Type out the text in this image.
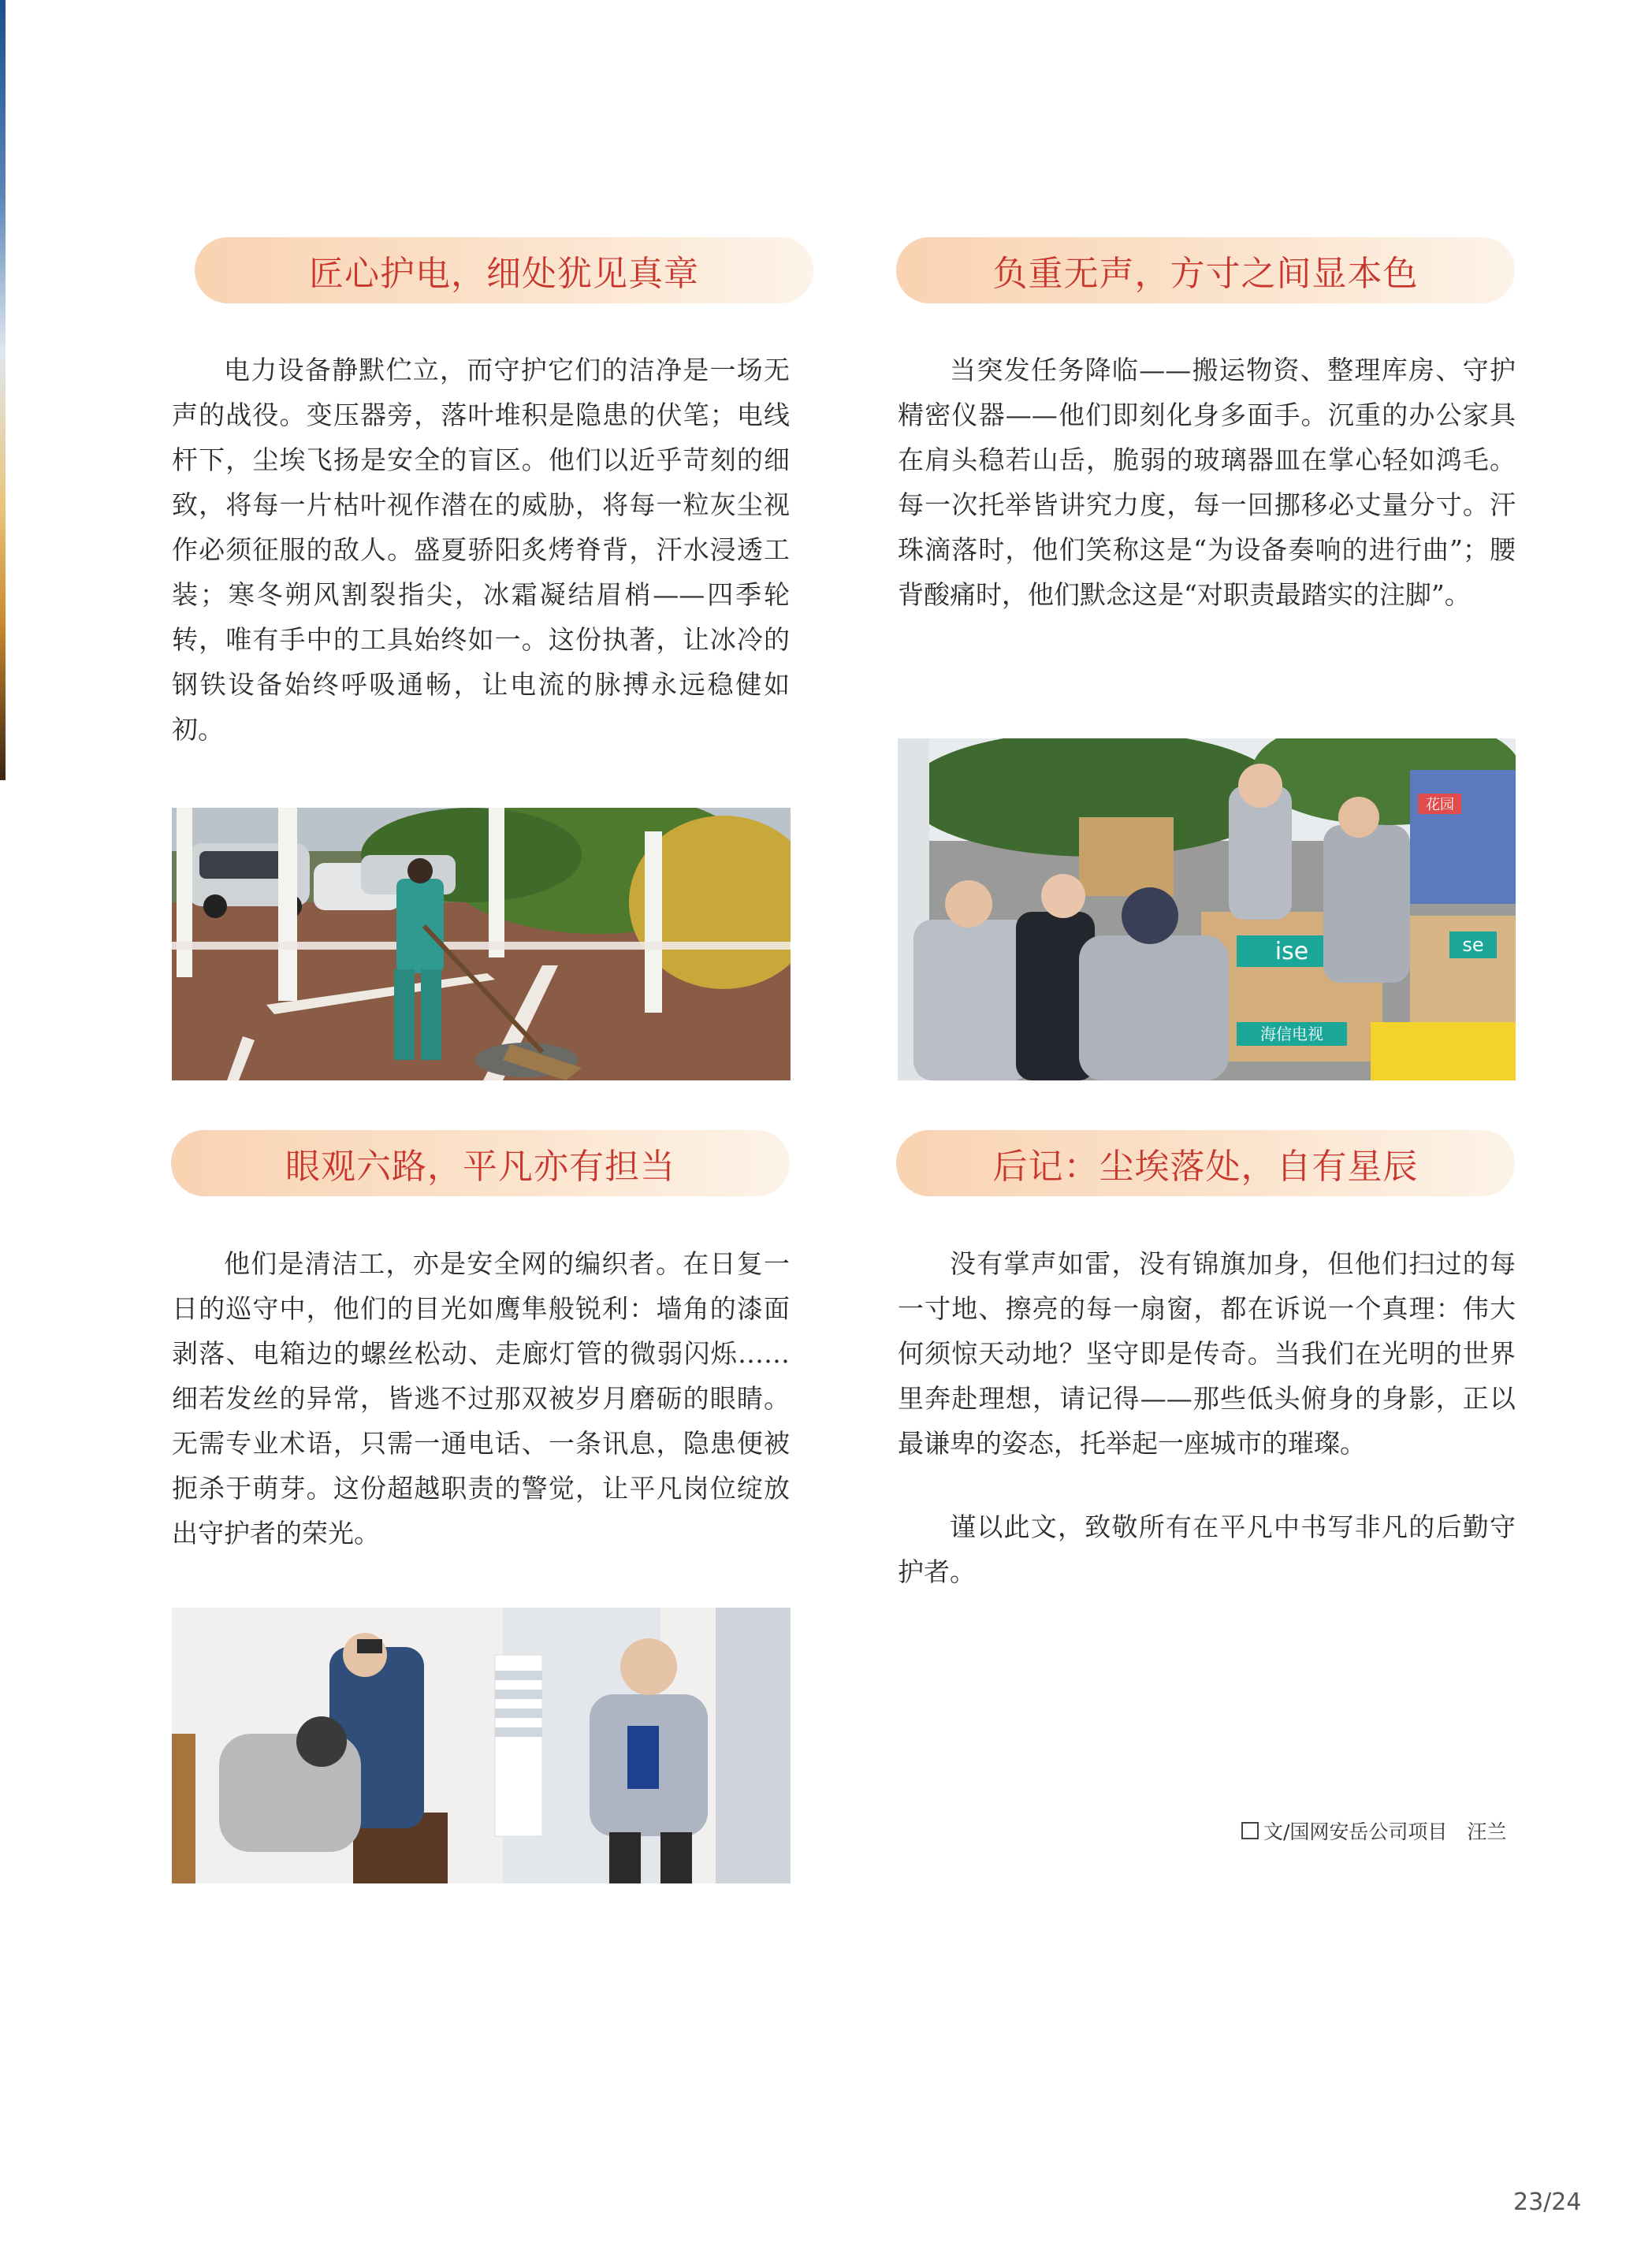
匠心护电，细处犹见真章

电力设备静默伫立，而守护它们的洁净是一场无声的战役。变压器旁，落叶堆积是隐患的伏笔；电线杆下，尘埃飞扬是安全的盲区。他们以近乎苛刻的细致，将每一片枯叶视作潜在的威胁，将每一粒灰尘视作必须征服的敌人。盛夏骄阳炙烤脊背，汗水浸透工装；寒冬朔风割裂指尖，冰霜凝结眉梢——四季轮转，唯有手中的工具始终如一。这份执著，让冰冷的钢铁设备始终呼吸通畅，让电流的脉搏永远稳健如初。

负重无声，方寸之间显本色

当突发任务降临——搬运物资、整理库房、守护精密仪器——他们即刻化身多面手。沉重的办公家具在肩头稳若山岳，脆弱的玻璃器皿在掌心轻如鸿毛。每一次托举皆讲究力度，每一回挪移必丈量分寸。汗珠滴落时，他们笑称这是“为设备奏响的进行曲”；腰背酸痛时，他们默念这是“对职责最踏实的注脚”。

花园
ise
海信电视
se
眼观六路，平凡亦有担当

他们是清洁工，亦是安全网的编织者。在日复一日的巡守中，他们的目光如鹰隼般锐利：墙角的漆面剥落、电箱边的螺丝松动、走廊灯管的微弱闪烁……细若发丝的异常，皆逃不过那双被岁月磨砺的眼睛。无需专业术语，只需一通电话、一条讯息，隐患便被扼杀于萌芽。这份超越职责的警觉，让平凡岗位绽放出守护者的荣光。

后记：尘埃落处，自有星辰

没有掌声如雷，没有锦旗加身，但他们扫过的每一寸地、擦亮的每一扇窗，都在诉说一个真理：伟大何须惊天动地？坚守即是传奇。当我们在光明的世界里奔赴理想，请记得——那些低头俯身的身影，正以最谦卑的姿态，托举起一座城市的璀璨。

谨以此文，致敬所有在平凡中书写非凡的后勤守护者。

文/国网安岳公司项目　汪兰
23/24
